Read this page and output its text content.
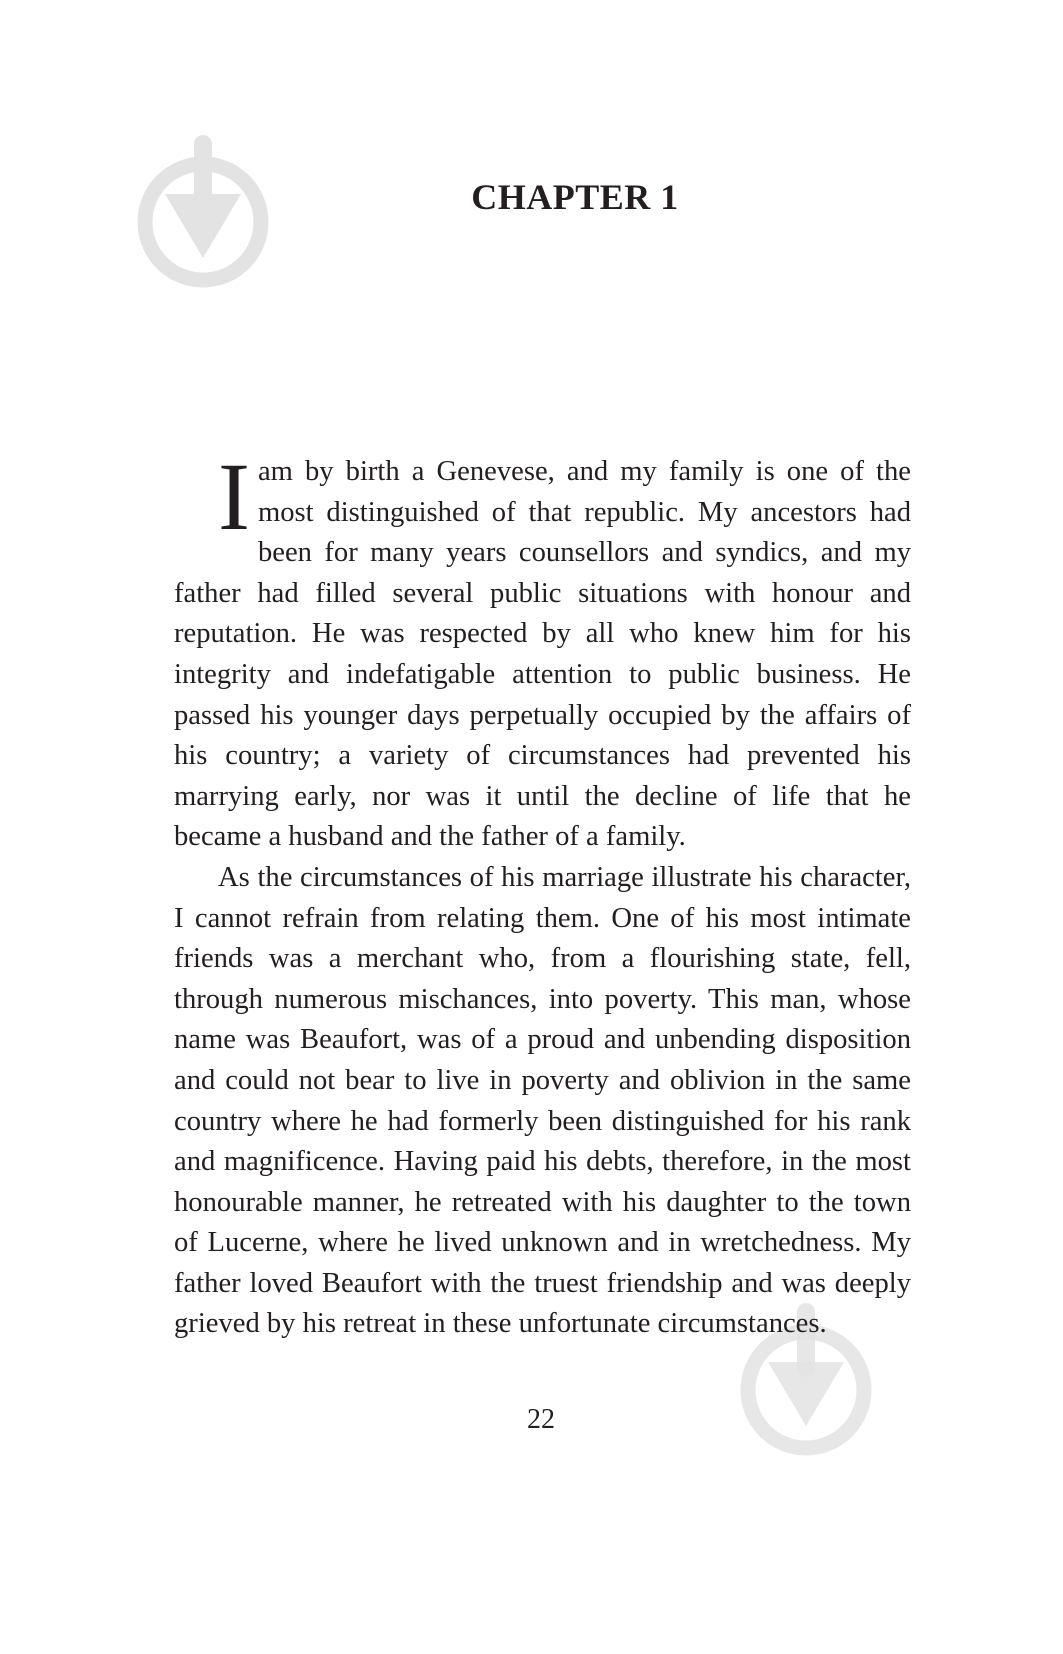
CHAPTER 1

I am by birth a Genevese, and my family is one of the most distinguished of that republic. My ancestors had been for many years counsellors and syndics, and my father had filled several public situations with honour and reputation. He was respected by all who knew him for his integrity and indefatigable attention to public business. He passed his younger days perpetually occupied by the affairs of his country; a variety of circumstances had prevented his marrying early, nor was it until the decline of life that he became a husband and the father of a family.

As the circumstances of his marriage illustrate his character, I cannot refrain from relating them. One of his most intimate friends was a merchant who, from a flourishing state, fell, through numerous mischances, into poverty. This man, whose name was Beaufort, was of a proud and unbending disposition and could not bear to live in poverty and oblivion in the same country where he had formerly been distinguished for his rank and magnificence. Having paid his debts, therefore, in the most honourable manner, he retreated with his daughter to the town of Lucerne, where he lived unknown and in wretchedness. My father loved Beaufort with the truest friendship and was deeply grieved by his retreat in these unfortunate circumstances.

22
